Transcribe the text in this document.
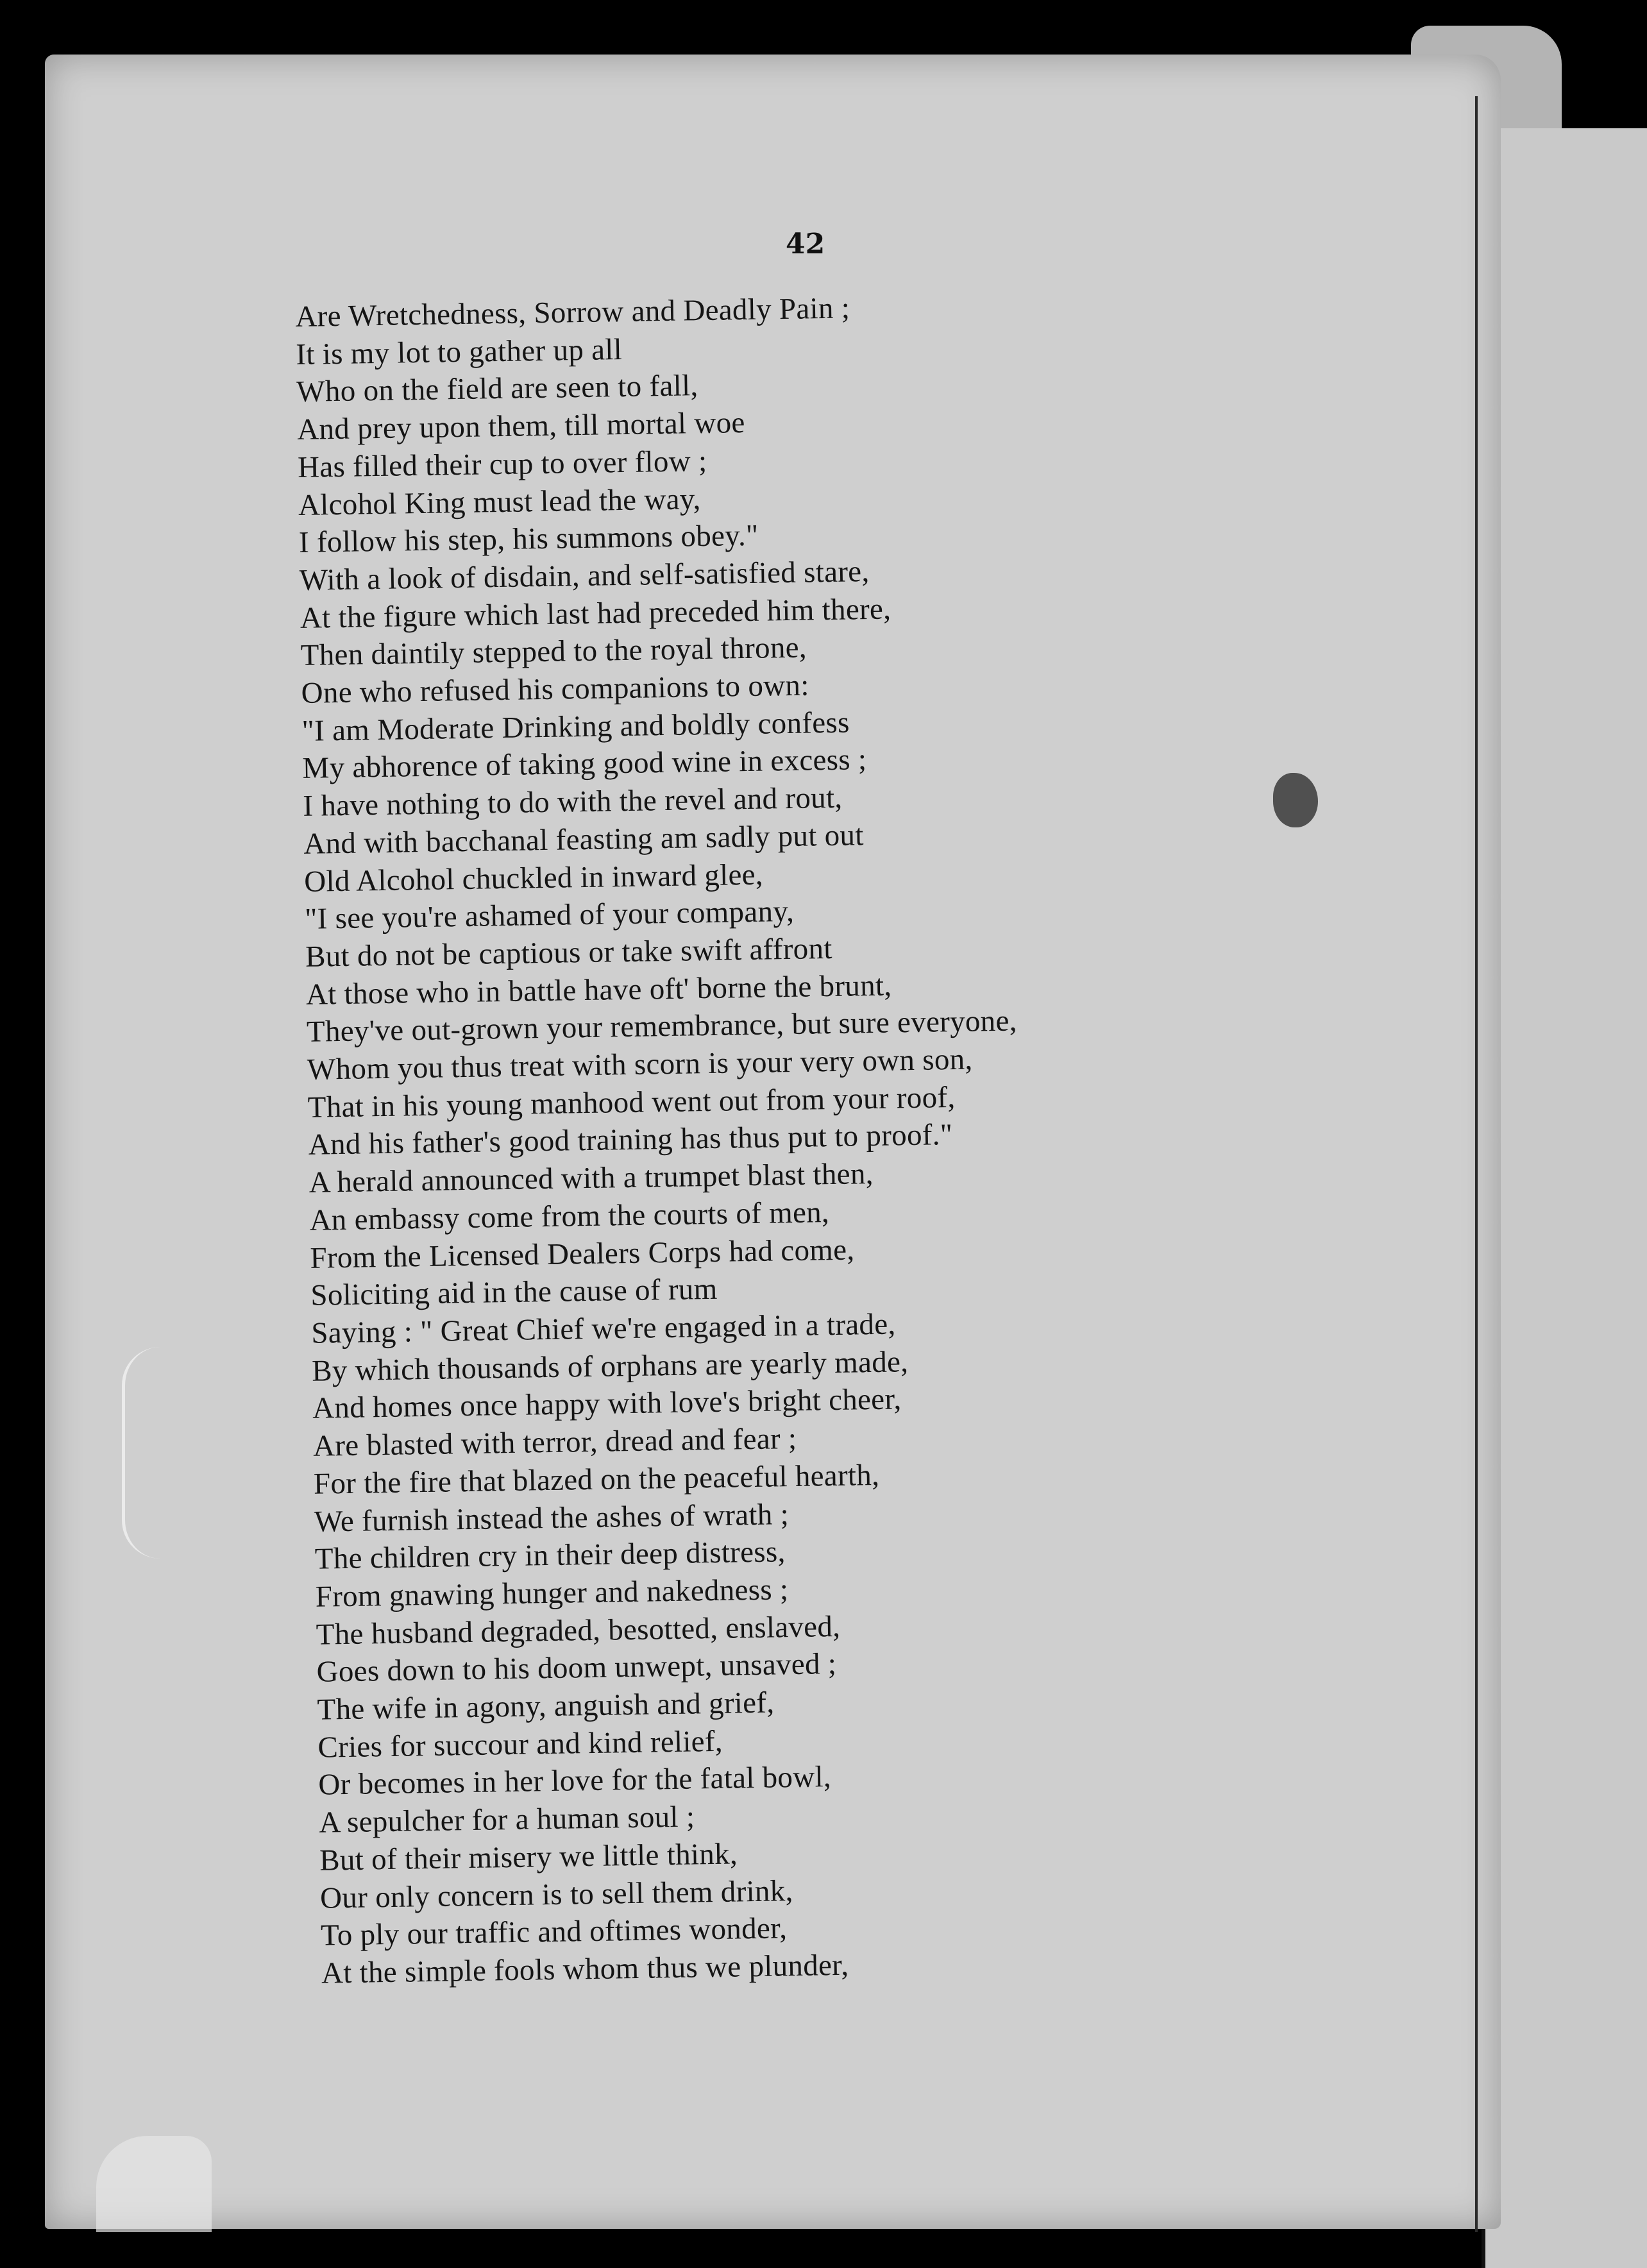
42
Are Wretchedness, Sorrow and Deadly Pain ;
It is my lot to gather up all
Who on the field are seen to fall,
And prey upon them, till mortal woe
Has filled their cup to over flow ;
Alcohol King must lead the way,
I follow his step, his summons obey."
With a look of disdain, and self-satisfied stare,
At the figure which last had preceded him there,
Then daintily stepped to the royal throne,
One who refused his companions to own:
"I am Moderate Drinking and boldly confess
My abhorence of taking good wine in excess ;
I have nothing to do with the revel and rout,
And with bacchanal feasting am sadly put out
Old Alcohol chuckled in inward glee,
"I see you're ashamed of your company,
But do not be captious or take swift affront
At those who in battle have oft' borne the brunt,
They've out-grown your remembrance, but sure everyone,
Whom you thus treat with scorn is your very own son,
That in his young manhood went out from your roof,
And his father's good training has thus put to proof."
A herald announced with a trumpet blast then,
An embassy come from the courts of men,
From the Licensed Dealers Corps had come,
Soliciting aid in the cause of rum
Saying : " Great Chief we're engaged in a trade,
By which thousands of orphans are yearly made,
And homes once happy with love's bright cheer,
Are blasted with terror, dread and fear ;
For the fire that blazed on the peaceful hearth,
We furnish instead the ashes of wrath ;
The children cry in their deep distress,
From gnawing hunger and nakedness ;
The husband degraded, besotted, enslaved,
Goes down to his doom unwept, unsaved ;
The wife in agony, anguish and grief,
Cries for succour and kind relief,
Or becomes in her love for the fatal bowl,
A sepulcher for a human soul ;
But of their misery we little think,
Our only concern is to sell them drink,
To ply our traffic and oftimes wonder,
At the simple fools whom thus we plunder,
